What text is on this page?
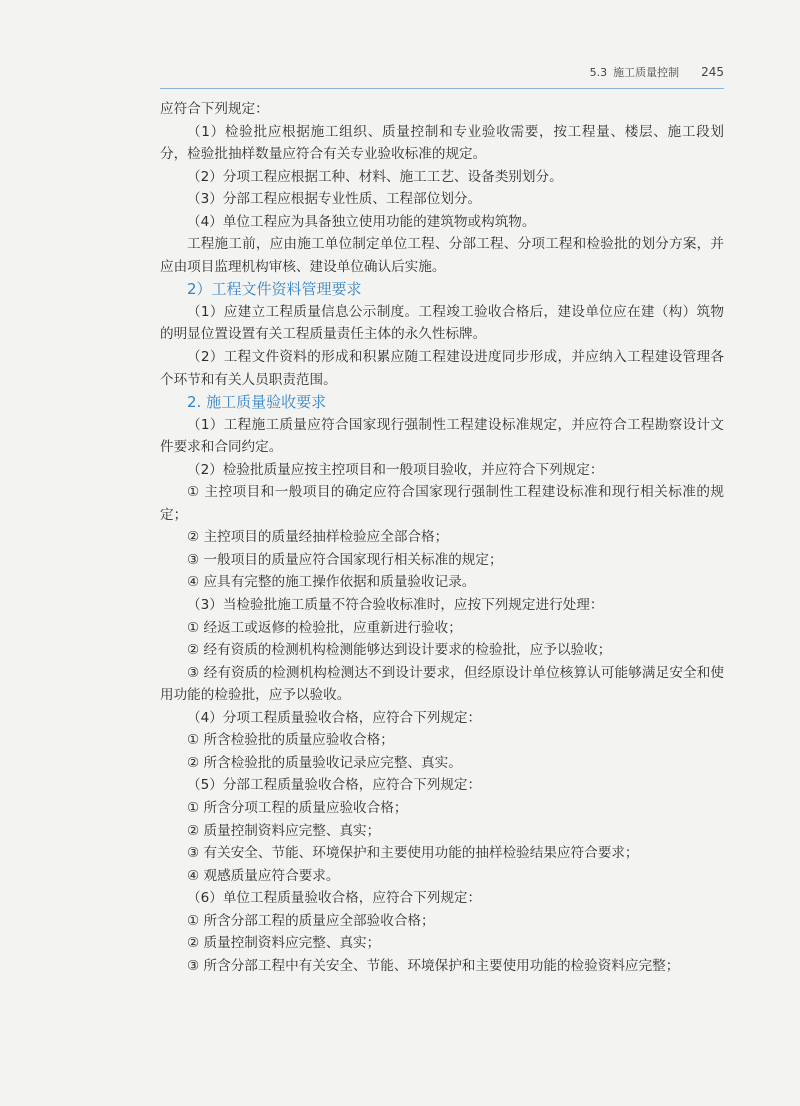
5.3 施工质量控制 245

应符合下列规定：

（1）检验批应根据施工组织、质量控制和专业验收需要，按工程量、楼层、施工段划分，检验批抽样数量应符合有关专业验收标准的规定。

（2）分项工程应根据工种、材料、施工工艺、设备类别划分。

（3）分部工程应根据专业性质、工程部位划分。

（4）单位工程应为具备独立使用功能的建筑物或构筑物。

工程施工前，应由施工单位制定单位工程、分部工程、分项工程和检验批的划分方案，并应由项目监理机构审核、建设单位确认后实施。

2）工程文件资料管理要求

（1）应建立工程质量信息公示制度。工程竣工验收合格后，建设单位应在建（构）筑物的明显位置设置有关工程质量责任主体的永久性标牌。

（2）工程文件资料的形成和积累应随工程建设进度同步形成，并应纳入工程建设管理各个环节和有关人员职责范围。

2. 施工质量验收要求

（1）工程施工质量应符合国家现行强制性工程建设标准规定，并应符合工程勘察设计文件要求和合同约定。

（2）检验批质量应按主控项目和一般项目验收，并应符合下列规定：

① 主控项目和一般项目的确定应符合国家现行强制性工程建设标准和现行相关标准的规定；

② 主控项目的质量经抽样检验应全部合格；

③ 一般项目的质量应符合国家现行相关标准的规定；

④ 应具有完整的施工操作依据和质量验收记录。

（3）当检验批施工质量不符合验收标准时，应按下列规定进行处理：

① 经返工或返修的检验批，应重新进行验收；

② 经有资质的检测机构检测能够达到设计要求的检验批，应予以验收；

③ 经有资质的检测机构检测达不到设计要求，但经原设计单位核算认可能够满足安全和使用功能的检验批，应予以验收。

（4）分项工程质量验收合格，应符合下列规定：

① 所含检验批的质量应验收合格；

② 所含检验批的质量验收记录应完整、真实。

（5）分部工程质量验收合格，应符合下列规定：

① 所含分项工程的质量应验收合格；

② 质量控制资料应完整、真实；

③ 有关安全、节能、环境保护和主要使用功能的抽样检验结果应符合要求；

④ 观感质量应符合要求。

（6）单位工程质量验收合格，应符合下列规定：

① 所含分部工程的质量应全部验收合格；

② 质量控制资料应完整、真实；

③ 所含分部工程中有关安全、节能、环境保护和主要使用功能的检验资料应完整；
